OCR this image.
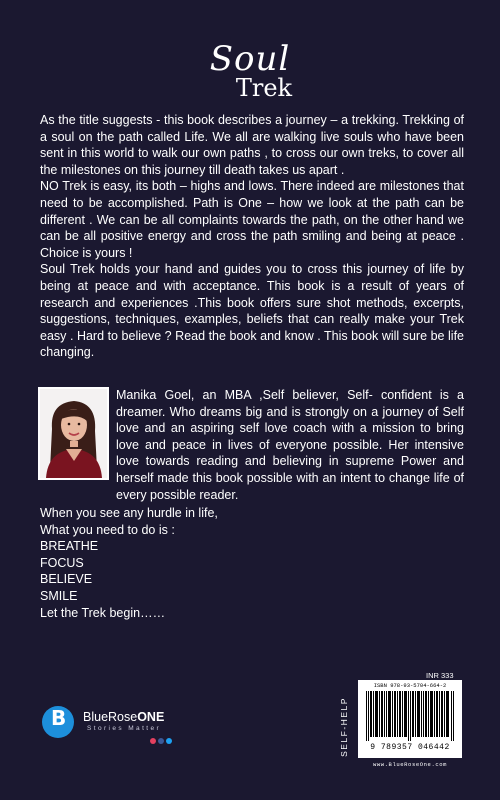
Soul
Trek

As the title suggests - this book describes a journey – a trekking. Trekking of a soul on the path called Life. We all are walking live souls who have been sent in this world to walk our own paths , to cross our own treks, to cover all the milestones on this journey till death takes us apart .

NO Trek is easy, its both – highs and lows. There indeed are milestones that need to be accomplished. Path is One – how we look at the path can be different . We can be all complaints towards the path, on the other hand we can be all positive energy and cross the path smiling and being at peace . Choice is yours !

Soul Trek holds your hand and guides you to cross this journey of life by being at peace and with acceptance. This book is a result of years of research and experiences .This book offers sure shot methods, excerpts, suggestions, techniques, examples, beliefs that can really make your Trek easy . Hard to believe ? Read the book and know . This book will sure be life changing.

Manika Goel, an MBA ,Self believer, Self- confident is a dreamer. Who dreams big and is strongly on a journey of Self love and an aspiring self love coach with a mission to bring love and peace in lives of everyone possible. Her intensive love towards reading and believing in supreme Power and herself made this book possible with an intent to change life of every possible reader.

When you see any hurdle in life,
What you need to do is :
BREATHE
FOCUS
BELIEVE
SMILE
Let the Trek begin……
B BlueRoseONE
Stories Matter
INR 333
SELF-HELP
ISBN 978-93-5704-664-2
9 789357 046442
www.BlueRoseOne.com
